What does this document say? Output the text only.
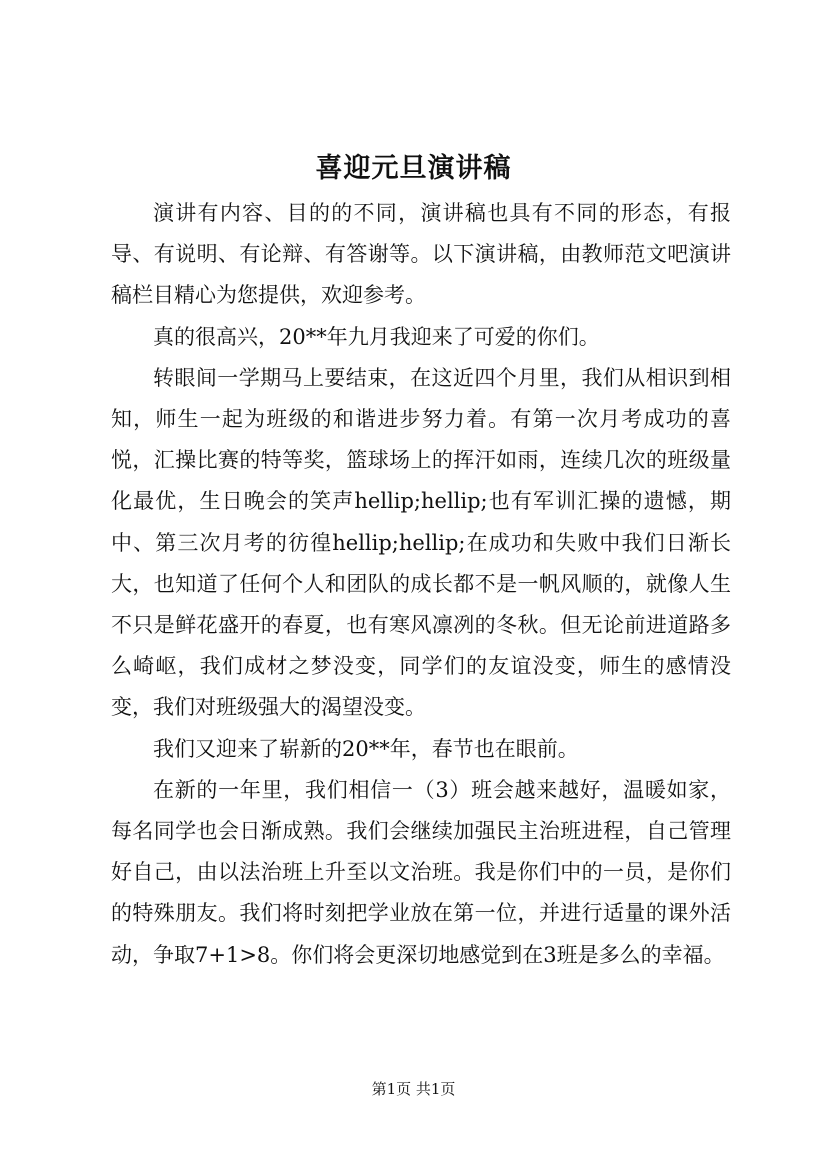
喜迎元旦演讲稿

演讲有内容、目的的不同，演讲稿也具有不同的形态，有报导、有说明、有论辩、有答谢等。以下演讲稿，由教师范文吧演讲稿栏目精心为您提供，欢迎参考。

真的很高兴，20**年九月我迎来了可爱的你们。

转眼间一学期马上要结束，在这近四个月里，我们从相识到相知，师生一起为班级的和谐进步努力着。有第一次月考成功的喜悦，汇操比赛的特等奖，篮球场上的挥汗如雨，连续几次的班级量化最优，生日晚会的笑声hellip;hellip;也有军训汇操的遗憾，期中、第三次月考的彷徨hellip;hellip;在成功和失败中我们日渐长大，也知道了任何个人和团队的成长都不是一帆风顺的，就像人生不只是鲜花盛开的春夏，也有寒风凛冽的冬秋。但无论前进道路多么崎岖，我们成材之梦没变，同学们的友谊没变，师生的感情没变，我们对班级强大的渴望没变。

我们又迎来了崭新的20**年，春节也在眼前。

在新的一年里，我们相信一（3）班会越来越好，温暖如家，每名同学也会日渐成熟。我们会继续加强民主治班进程，自己管理好自己，由以法治班上升至以文治班。我是你们中的一员，是你们的特殊朋友。我们将时刻把学业放在第一位，并进行适量的课外活动，争取7+1>8。你们将会更深切地感觉到在3班是多么的幸福。

第1页 共1页
